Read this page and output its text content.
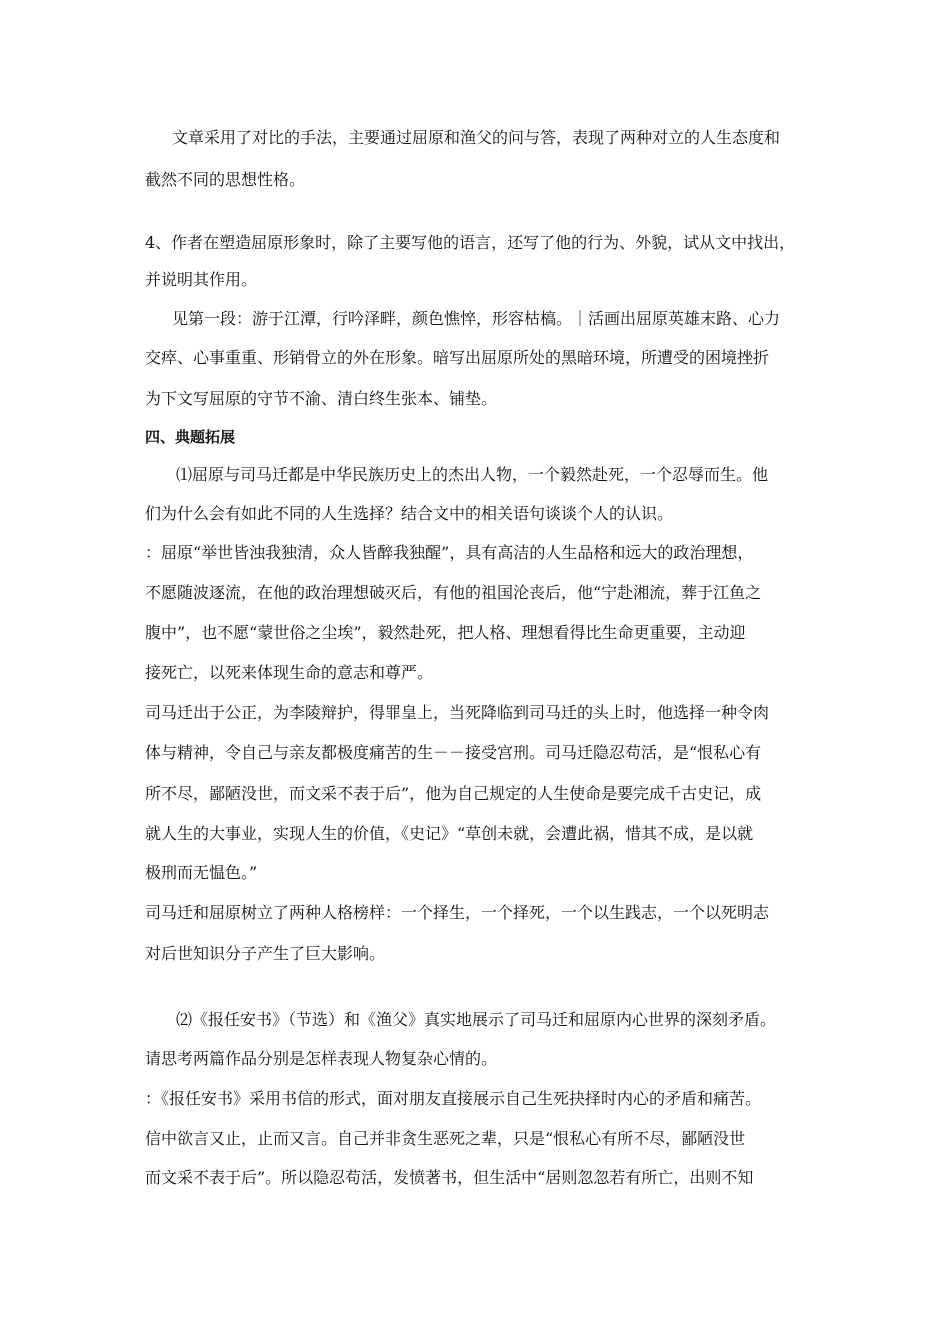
文章采用了对比的手法，主要通过屈原和渔父的问与答，表现了两种对立的人生态度和
截然不同的思想性格。
4、作者在塑造屈原形象时，除了主要写他的语言，还写了他的行为、外貌，试从文中找出，
并说明其作用。
见第一段：游于江潭，行吟泽畔，颜色憔悴，形容枯槁。｜活画出屈原英雄末路、心力
交瘁、心事重重、形销骨立的外在形象。暗写出屈原所处的黑暗环境，所遭受的困境挫折
为下文写屈原的守节不渝、清白终生张本、铺垫。
四、典题拓展
⑴屈原与司马迁都是中华民族历史上的杰出人物，一个毅然赴死，一个忍辱而生。他
们为什么会有如此不同的人生选择？结合文中的相关语句谈谈个人的认识。
：屈原“举世皆浊我独清，众人皆醉我独醒”，具有高洁的人生品格和远大的政治理想，
不愿随波逐流，在他的政治理想破灭后，有他的祖国沦丧后，他“宁赴湘流，葬于江鱼之
腹中”，也不愿“蒙世俗之尘埃”，毅然赴死，把人格、理想看得比生命更重要，主动迎
接死亡，以死来体现生命的意志和尊严。
司马迁出于公正，为李陵辩护，得罪皇上，当死降临到司马迁的头上时，他选择一种令肉
体与精神，令自己与亲友都极度痛苦的生－－接受宫刑。司马迁隐忍苟活，是“恨私心有
所不尽，鄙陋没世，而文采不表于后”，他为自己规定的人生使命是要完成千古史记，成
就人生的大事业，实现人生的价值，《史记》“草创未就，会遭此祸，惜其不成，是以就
极刑而无愠色。”
司马迁和屈原树立了两种人格榜样：一个择生，一个择死，一个以生践志，一个以死明志
对后世知识分子产生了巨大影响。
⑵《报任安书》（节选）和《渔父》真实地展示了司马迁和屈原内心世界的深刻矛盾。
请思考两篇作品分别是怎样表现人物复杂心情的。
：《报任安书》采用书信的形式，面对朋友直接展示自己生死抉择时内心的矛盾和痛苦。
信中欲言又止，止而又言。自己并非贪生恶死之辈，只是“恨私心有所不尽，鄙陋没世
而文采不表于后”。所以隐忍苟活，发愤著书，但生活中“居则忽忽若有所亡，出则不知
